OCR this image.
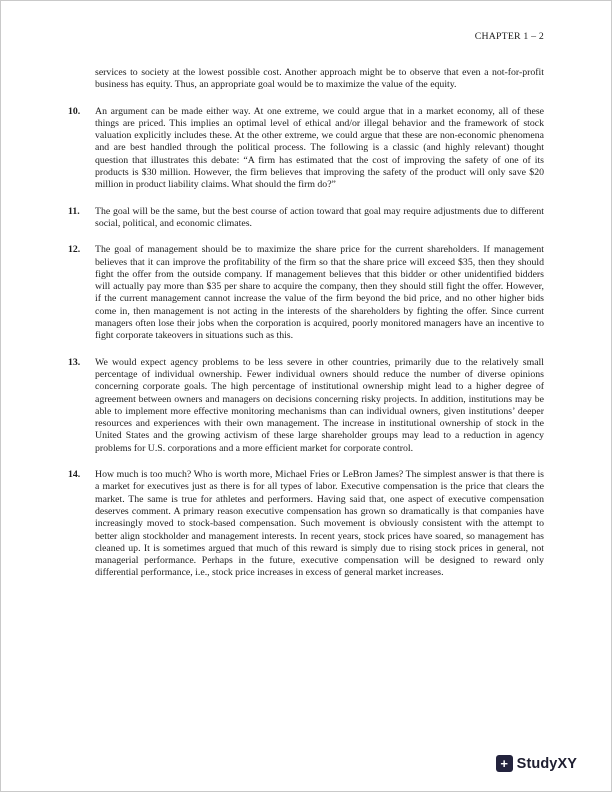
CHAPTER 1 – 2

services to society at the lowest possible cost. Another approach might be to observe that even a not-for-profit business has equity. Thus, an appropriate goal would be to maximize the value of the equity.

10.	An argument can be made either way. At one extreme, we could argue that in a market economy, all of these things are priced. This implies an optimal level of ethical and/or illegal behavior and the framework of stock valuation explicitly includes these. At the other extreme, we could argue that these are non-economic phenomena and are best handled through the political process. The following is a classic (and highly relevant) thought question that illustrates this debate: “A firm has estimated that the cost of improving the safety of one of its products is $30 million. However, the firm believes that improving the safety of the product will only save $20 million in product liability claims. What should the firm do?”
11.	The goal will be the same, but the best course of action toward that goal may require adjustments due to different social, political, and economic climates.
12.	The goal of management should be to maximize the share price for the current shareholders. If management believes that it can improve the profitability of the firm so that the share price will exceed $35, then they should fight the offer from the outside company. If management believes that this bidder or other unidentified bidders will actually pay more than $35 per share to acquire the company, then they should still fight the offer. However, if the current management cannot increase the value of the firm beyond the bid price, and no other higher bids come in, then management is not acting in the interests of the shareholders by fighting the offer. Since current managers often lose their jobs when the corporation is acquired, poorly monitored managers have an incentive to fight corporate takeovers in situations such as this.
13.	We would expect agency problems to be less severe in other countries, primarily due to the relatively small percentage of individual ownership. Fewer individual owners should reduce the number of diverse opinions concerning corporate goals. The high percentage of institutional ownership might lead to a higher degree of agreement between owners and managers on decisions concerning risky projects. In addition, institutions may be able to implement more effective monitoring mechanisms than can individual owners, given institutions’ deeper resources and experiences with their own management. The increase in institutional ownership of stock in the United States and the growing activism of these large shareholder groups may lead to a reduction in agency problems for U.S. corporations and a more efficient market for corporate control.
14.	How much is too much? Who is worth more, Michael Fries or LeBron James? The simplest answer is that there is a market for executives just as there is for all types of labor. Executive compensation is the price that clears the market. The same is true for athletes and performers. Having said that, one aspect of executive compensation deserves comment. A primary reason executive compensation has grown so dramatically is that companies have increasingly moved to stock-based compensation. Such movement is obviously consistent with the attempt to better align stockholder and management interests. In recent years, stock prices have soared, so management has cleaned up. It is sometimes argued that much of this reward is simply due to rising stock prices in general, not managerial performance. Perhaps in the future, executive compensation will be designed to reward only differential performance, i.e., stock price increases in excess of general market increases.
+ StudyXY
